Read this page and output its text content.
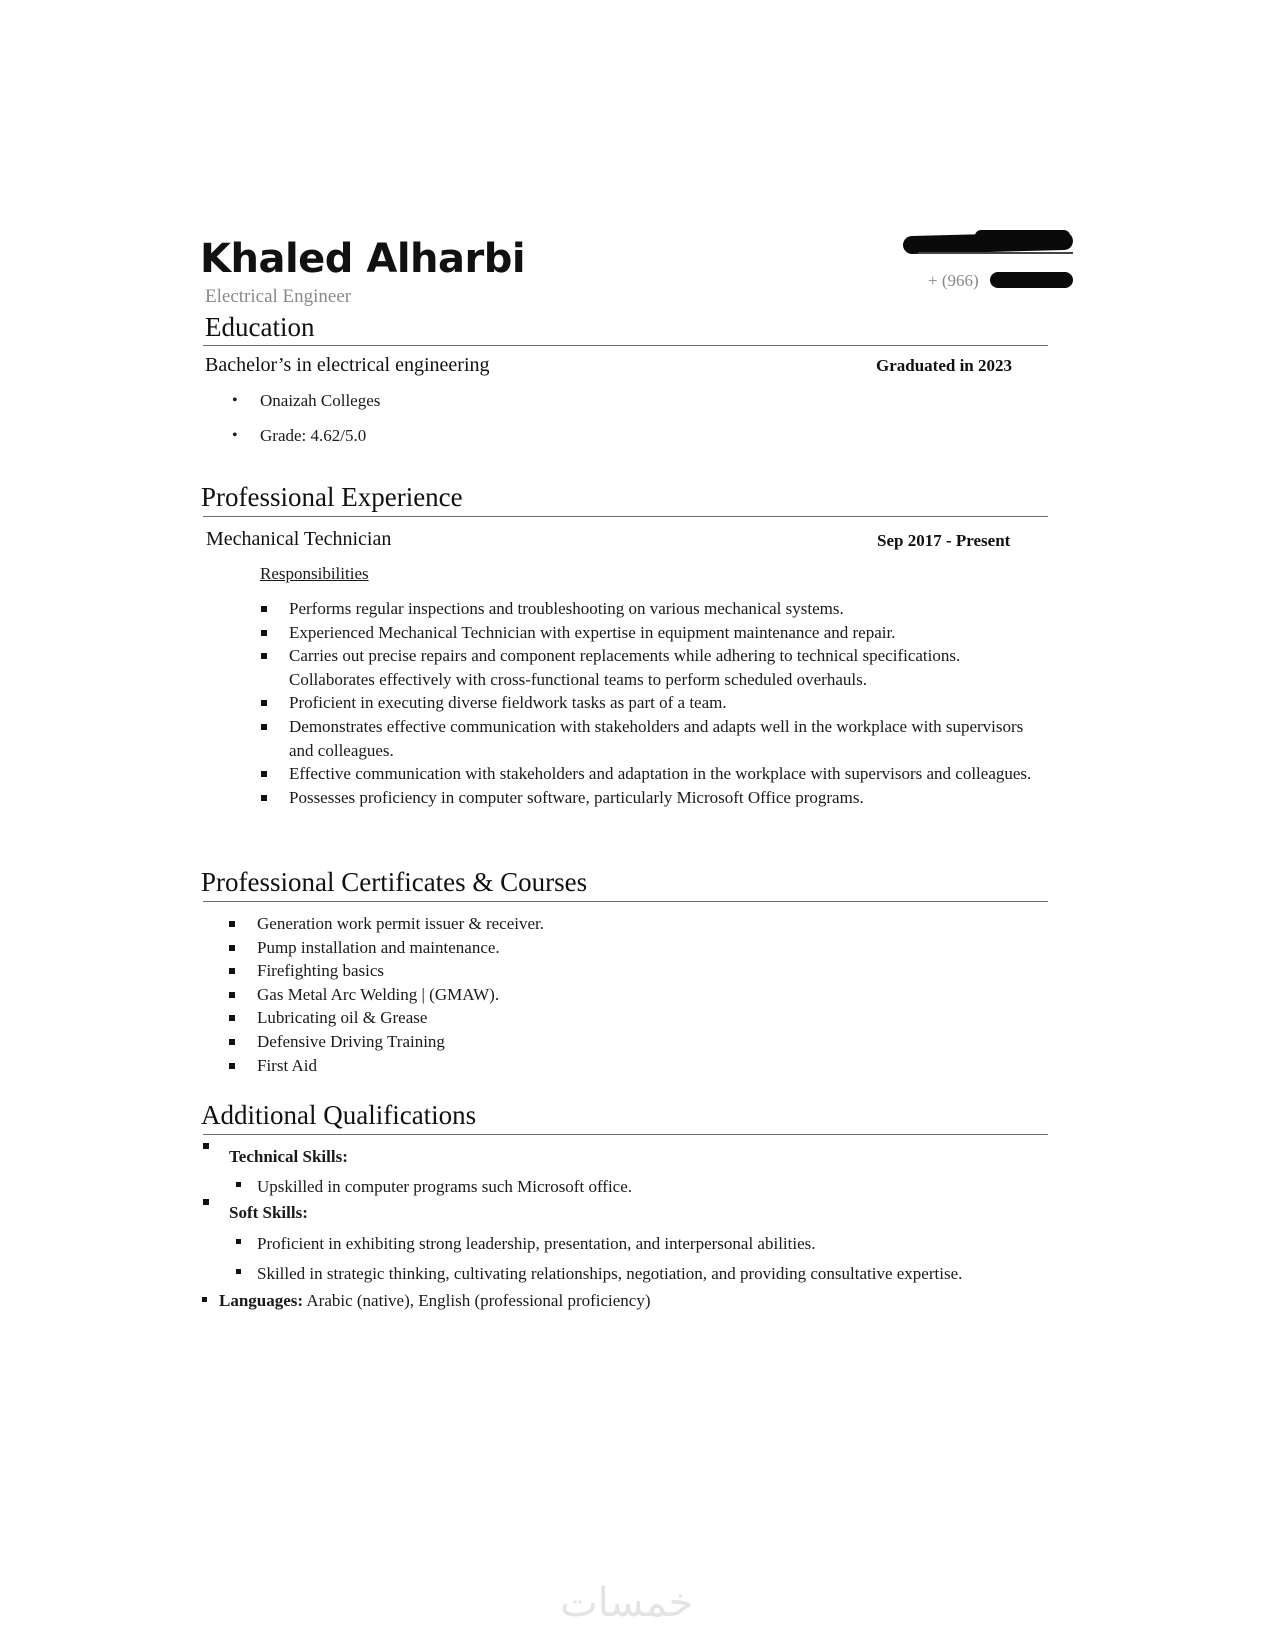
Khaled Alharbi
Electrical Engineer
+ (966)
Education
Bachelor’s in electrical engineering	Graduated in 2023
• Onaizah Colleges
• Grade: 4.62/5.0
Professional Experience
Mechanical Technician	Sep 2017 - Present
Responsibilities
Performs regular inspections and troubleshooting on various mechanical systems.
Experienced Mechanical Technician with expertise in equipment maintenance and repair.
Carries out precise repairs and component replacements while adhering to technical specifications. Collaborates effectively with cross-functional teams to perform scheduled overhauls.
Proficient in executing diverse fieldwork tasks as part of a team.
Demonstrates effective communication with stakeholders and adapts well in the workplace with supervisors and colleagues.
Effective communication with stakeholders and adaptation in the workplace with supervisors and colleagues.
Possesses proficiency in computer software, particularly Microsoft Office programs.
Professional Certificates & Courses
Generation work permit issuer & receiver.
Pump installation and maintenance.
Firefighting basics
Gas Metal Arc Welding | (GMAW).
Lubricating oil & Grease
Defensive Driving Training
First Aid
Additional Qualifications
Technical Skills:
Upskilled in computer programs such Microsoft office.
Soft Skills:
Proficient in exhibiting strong leadership, presentation, and interpersonal abilities.
Skilled in strategic thinking, cultivating relationships, negotiation, and providing consultative expertise.
Languages: Arabic (native), English (professional proficiency)
خمسات
